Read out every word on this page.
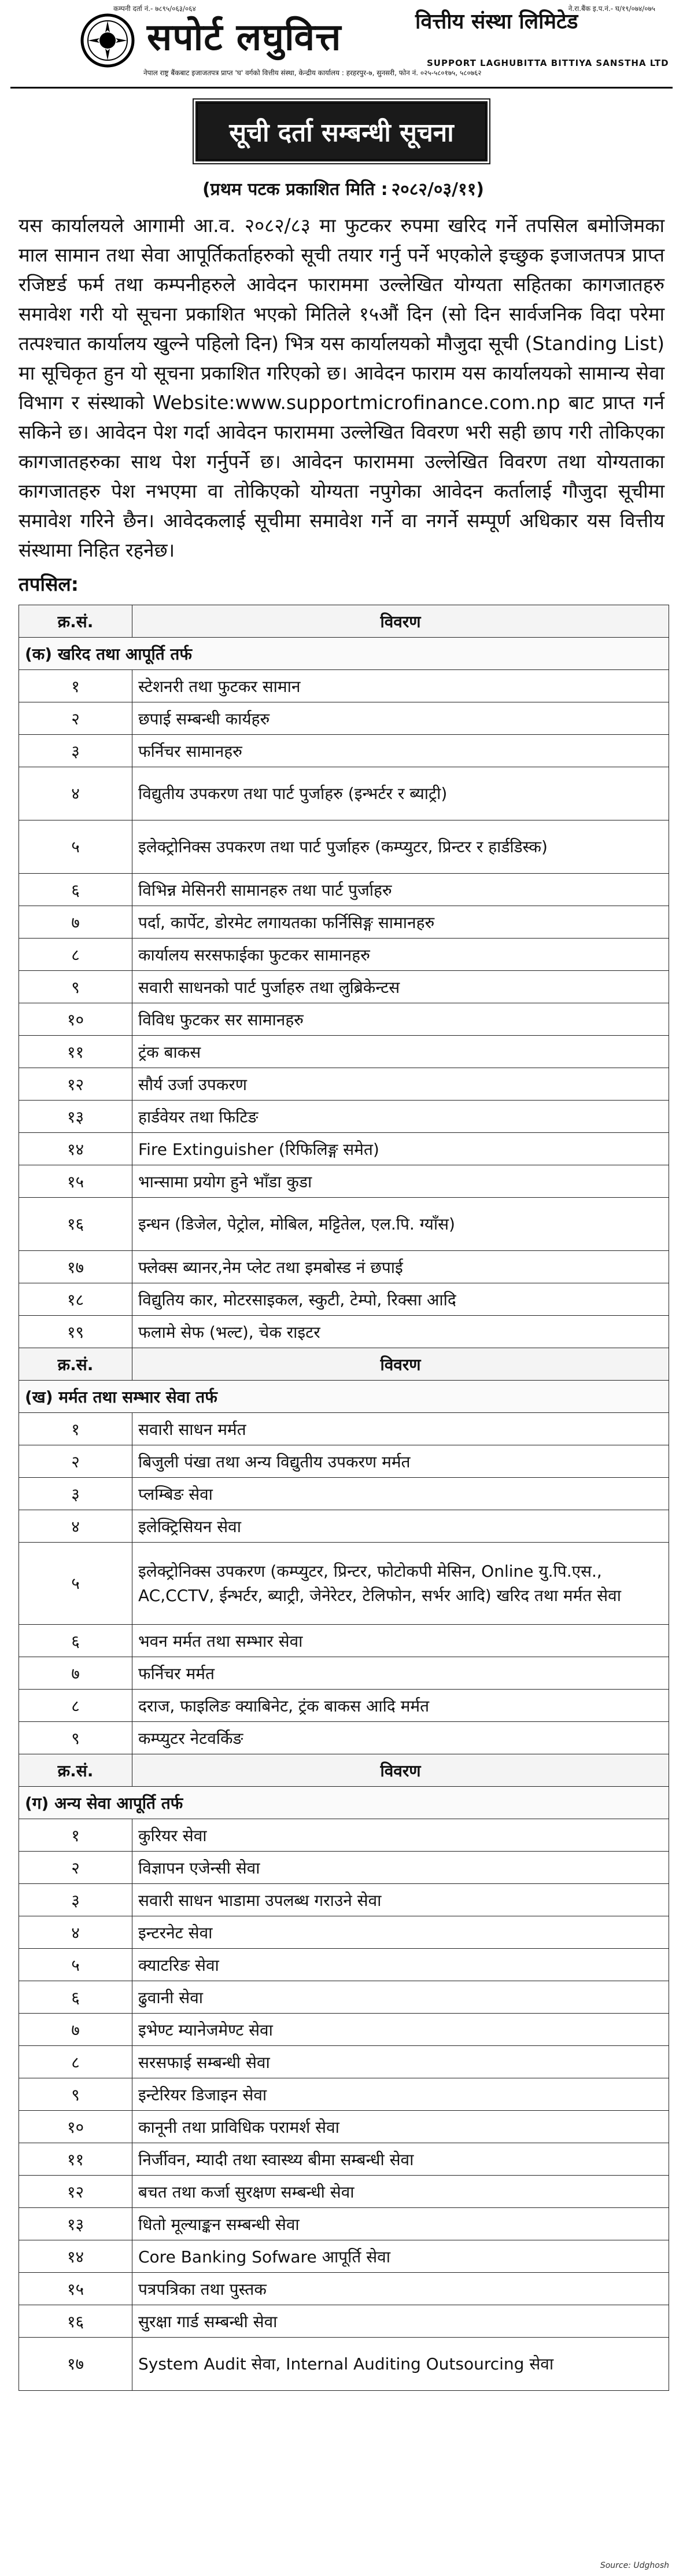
कम्पनी दर्ता नं.- ७८९५/०६३/०६४	ने.रा.बैंक इ.प.नं.- घ/१९/०७४/०७५
सपोर्ट लघुवित्त	वित्तीय संस्था लिमिटेड
SUPPORT LAGHUBITTA BITTIYA SANSTHA LTD
नेपाल राष्ट्र बैंकबाट इजाजतपत्र प्राप्त 'घ' वर्गको वित्तीय संस्था, केन्द्रीय कार्यालय : हरहरपुर-७, सुनसरी, फोन नं. ०२५-५८०१७५, ५८०७६२
सूची दर्ता सम्बन्धी सूचना
(प्रथम पटक प्रकाशित मिति : २०८२/०३/११)
यस कार्यालयले आगामी आ.व. २०८२/८३ मा फुटकर रुपमा खरिद गर्ने तपसिल बमोजिमका माल सामान तथा सेवा आपूर्तिकर्ताहरुको सूची तयार गर्नु पर्ने भएकोले इच्छुक इजाजतपत्र प्राप्त रजिष्टर्ड फर्म तथा कम्पनीहरुले आवेदन फाराममा उल्लेखित योग्यता सहितका कागजातहरु समावेश गरी यो सूचना प्रकाशित भएको मितिले १५औं दिन (सो दिन सार्वजनिक विदा परेमा तत्पश्चात कार्यालय खुल्ने पहिलो दिन) भित्र यस कार्यालयको मौजुदा सूची (Standing List) मा सूचिकृत हुन यो सूचना प्रकाशित गरिएको छ। आवेदन फाराम यस कार्यालयको सामान्य सेवा विभाग र संस्थाको Website:www.supportmicrofinance.com.np बाट प्राप्त गर्न सकिने छ। आवेदन पेश गर्दा आवेदन फाराममा उल्लेखित विवरण भरी सही छाप गरी तोकिएका कागजातहरुका साथ पेश गर्नुपर्ने छ। आवेदन फाराममा उल्लेखित विवरण तथा योग्यताका कागजातहरु पेश नभएमा वा तोकिएको योग्यता नपुगेका आवेदन कर्तालाई गौजुदा सूचीमा समावेश गरिने छैन। आवेदकलाई सूचीमा समावेश गर्ने वा नगर्ने सम्पूर्ण अधिकार यस वित्तीय संस्थामा निहित रहनेछ।
तपसिल:
क्र.सं.	विवरण
(क) खरिद तथा आपूर्ति तर्फ	
१	स्टेशनरी तथा फुटकर सामान
२	छपाई सम्बन्धी कार्यहरु
३	फर्निचर सामानहरु
४	विद्युतीय उपकरण तथा पार्ट पुर्जाहरु (इन्भर्टर र ब्याट्री)
५	इलेक्ट्रोनिक्स उपकरण तथा पार्ट पुर्जाहरु (कम्प्युटर, प्रिन्टर र हार्डडिस्क)
६	विभिन्न मेसिनरी सामानहरु तथा पार्ट पुर्जाहरु
७	पर्दा, कार्पेट, डोरमेट लगायतका फर्निसिङ्ग सामानहरु
८	कार्यालय सरसफाईका फुटकर सामानहरु
९	सवारी साधनको पार्ट पुर्जाहरु तथा लुब्रिकेन्टस
१०	विविध फुटकर सर सामानहरु
११	ट्रंक बाकस
१२	सौर्य उर्जा उपकरण
१३	हार्डवेयर तथा फिटिङ
१४	Fire Extinguisher (रिफिलिङ्ग समेत)
१५	भान्सामा प्रयोग हुने भाँडा कुडा
१६	इन्धन (डिजेल, पेट्रोल, मोबिल, मट्टितेल, एल.पि. ग्याँस)
१७	फ्लेक्स ब्यानर,नेम प्लेट तथा इमबोस्ड नं छपाई
१८	विद्युतिय कार, मोटरसाइकल, स्कुटी, टेम्पो, रिक्सा आदि
१९	फलामे सेफ (भल्ट), चेक राइटर
क्र.सं.	विवरण
(ख) मर्मत तथा सम्भार सेवा तर्फ	
१	सवारी साधन मर्मत
२	बिजुली पंखा तथा अन्य विद्युतीय उपकरण मर्मत
३	प्लम्बिङ सेवा
४	इलेक्ट्रिसियन सेवा
५	इलेक्ट्रोनिक्स उपकरण (कम्प्युटर, प्रिन्टर, फोटोकपी मेसिन, Online यु.पि.एस., AC,CCTV, ईन्भर्टर, ब्याट्री, जेनेरेटर, टेलिफोन, सर्भर आदि) खरिद तथा मर्मत सेवा
६	भवन मर्मत तथा सम्भार सेवा
७	फर्निचर मर्मत
८	दराज, फाइलिङ क्याबिनेट, ट्रंक बाकस आदि मर्मत
९	कम्प्युटर नेटवर्किङ
क्र.सं.	विवरण
(ग) अन्य सेवा आपूर्ति तर्फ	
१	कुरियर सेवा
२	विज्ञापन एजेन्सी सेवा
३	सवारी साधन भाडामा उपलब्ध गराउने सेवा
४	इन्टरनेट सेवा
५	क्याटरिङ सेवा
६	ढुवानी सेवा
७	इभेण्ट म्यानेजमेण्ट सेवा
८	सरसफाई सम्बन्धी सेवा
९	इन्टेरियर डिजाइन सेवा
१०	कानूनी तथा प्राविधिक परामर्श सेवा
११	निर्जीवन, म्यादी तथा स्वास्थ्य बीमा सम्बन्धी सेवा
१२	बचत तथा कर्जा सुरक्षण सम्बन्धी सेवा
१३	धितो मूल्याङ्कन सम्बन्धी सेवा
१४	Core Banking Sofware आपूर्ति सेवा
१५	पत्रपत्रिका तथा पुस्तक
१६	सुरक्षा गार्ड सम्बन्धी सेवा
१७	System Audit सेवा, Internal Auditing Outsourcing सेवा
Source: Udghosh
